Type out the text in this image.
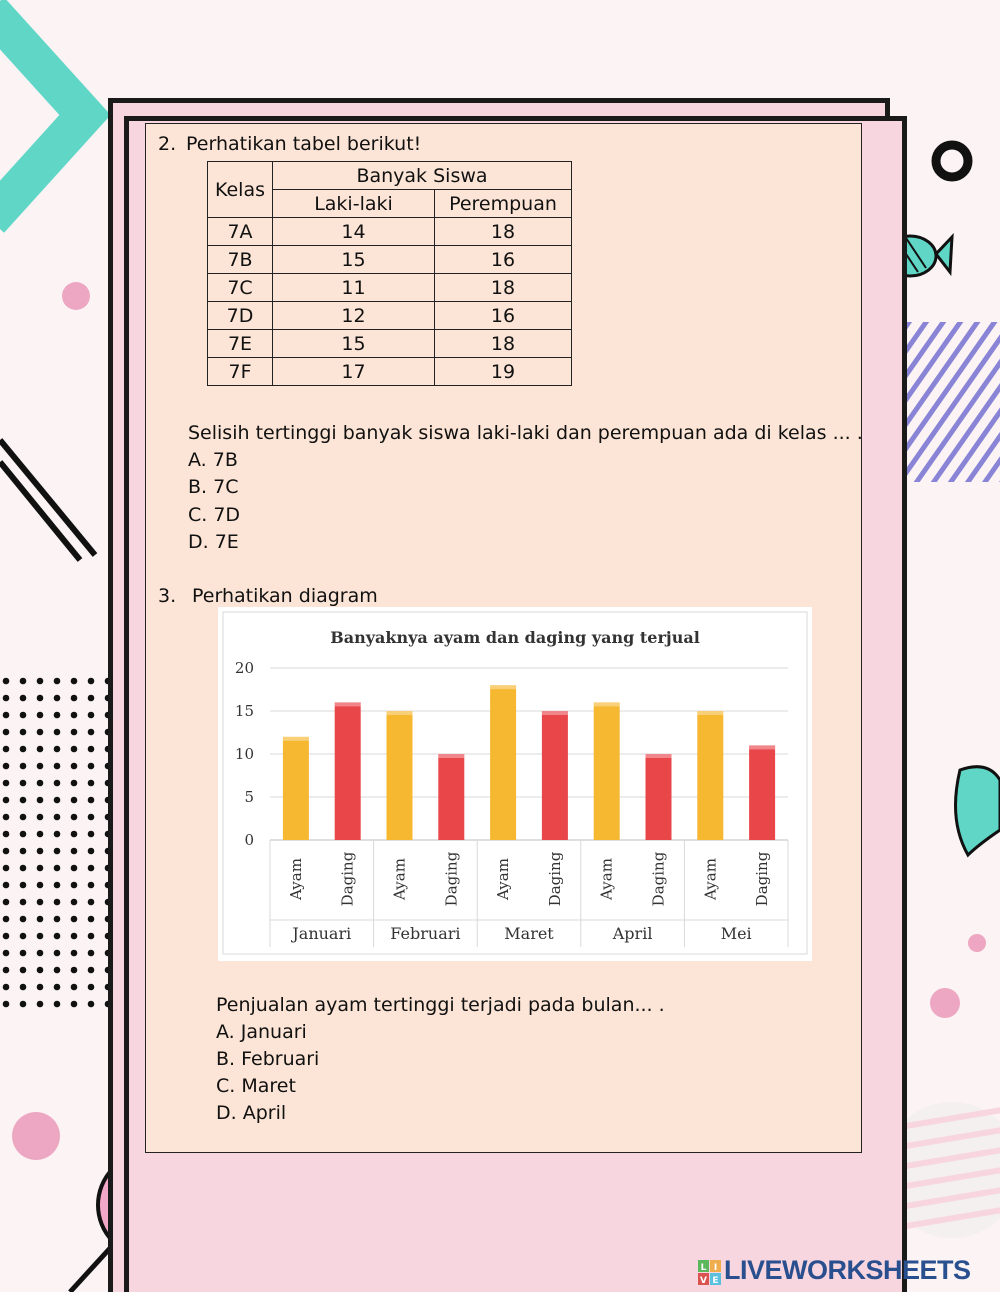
2. Perhatikan tabel berikut!
Kelas	Banyak Siswa	
	Laki-laki	Perempuan
7A	14	18
7B	15	16
7C	11	18
7D	12	16
7E	15	18
7F	17	19
Selisih tertinggi banyak siswa laki-laki dan perempuan ada di kelas ... .
A. 7B
B. 7C
C. 7D
D. 7E
3. Perhatikan diagram
Banyaknya ayam dan daging yang terjual
0
5
10
15
20
Ayam Daging
Januari
Ayam Daging
Februari
Ayam Daging
Maret
Ayam Daging
April
Ayam Daging
Mei
Penjualan ayam tertinggi terjadi pada bulan... .
A. Januari
B. Februari
C. Maret
D. April
L I
V E LIVEWORKSHEETS
